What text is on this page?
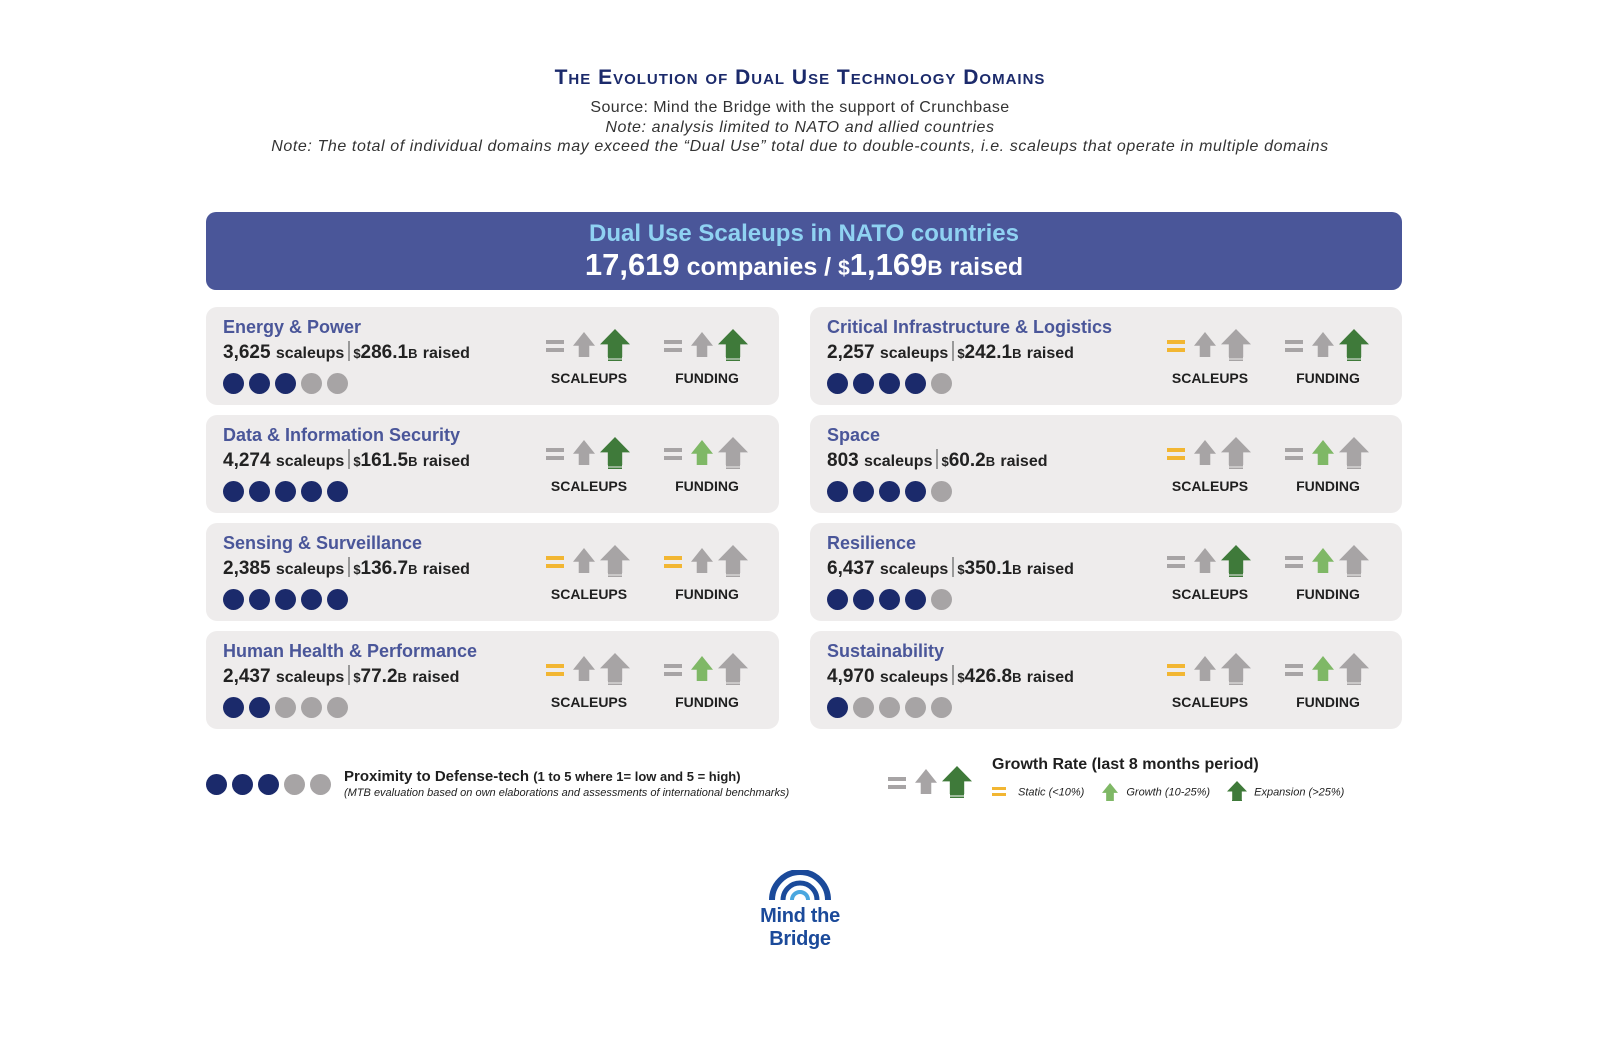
The Evolution of Dual Use Technology Domains

Source: Mind the Bridge with the support of Crunchbase

Note: analysis limited to NATO and allied countries

Note: The total of individual domains may exceed the “Dual Use” total due to double-counts, i.e. scaleups that operate in multiple domains

Dual Use Scaleups in NATO countries
17,619 companies / $1,169B raised
Energy & Power
3,625 scaleups $286.1B raised
SCALEUPS	FUNDING
Critical Infrastructure & Logistics
2,257 scaleups $242.1B raised
SCALEUPS	FUNDING
Data & Information Security
4,274 scaleups $161.5B raised
SCALEUPS	FUNDING
Space
803 scaleups $60.2B raised
SCALEUPS	FUNDING
Sensing & Surveillance
2,385 scaleups $136.7B raised
SCALEUPS	FUNDING
Resilience
6,437 scaleups $350.1B raised
SCALEUPS	FUNDING
Human Health & Performance
2,437 scaleups $77.2B raised
SCALEUPS	FUNDING
Sustainability
4,970 scaleups $426.8B raised
SCALEUPS	FUNDING
Proximity to Defense-tech (1 to 5 where 1= low and 5 = high)
(MTB evaluation based on own elaborations and assessments of international benchmarks)
Growth Rate (last 8 months period)
Static (<10%)	Growth (10-25%)	Expansion (>25%)
Mind the Bridge
